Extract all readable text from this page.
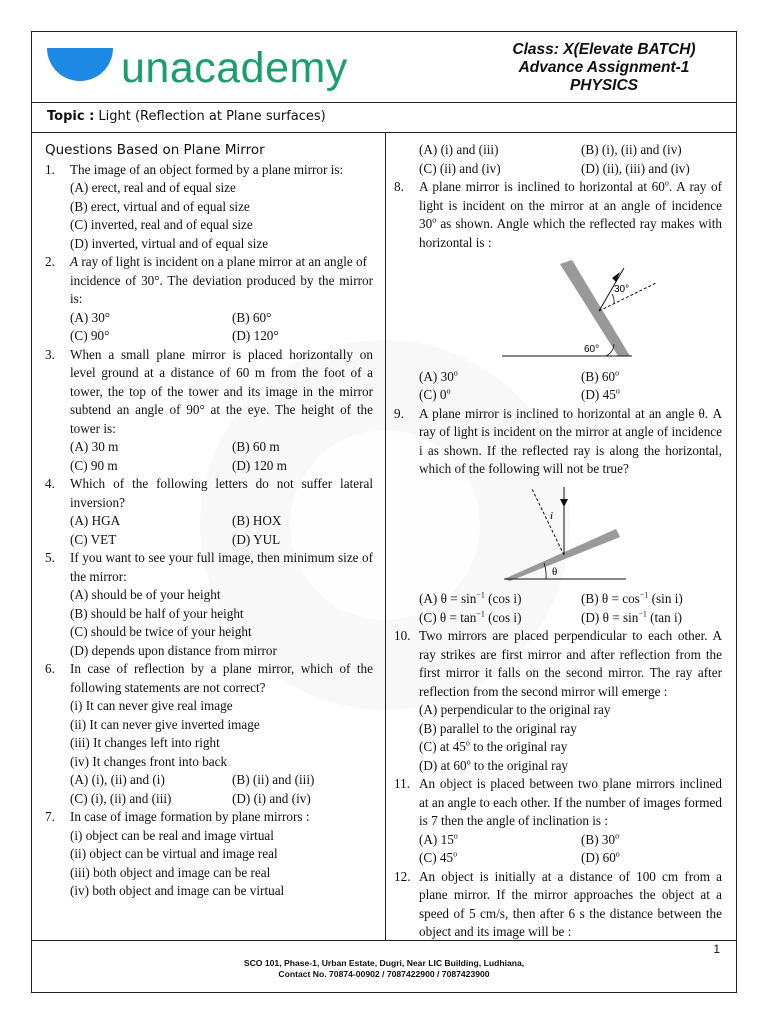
unacademy	Class: X(Elevate BATCH)
Advance Assignment-1
PHYSICS
Topic : Light (Reflection at Plane surfaces)
Questions Based on Plane Mirror
1. The image of an object formed by a plane mirror is:
(A) erect, real and of equal size
(B) erect, virtual and of equal size
(C) inverted, real and of equal size
(D) inverted, virtual and of equal size
2. A ray of light is incident on a plane mirror at an angle of
incidence of 30°. The deviation produced by the mirror is:
(A) 30°	(B) 60°
(C) 90°	(D) 120°
3. When a small plane mirror is placed horizontally on level ground at a distance of 60 m from the foot of a tower, the top of the tower and its image in the mirror subtend an angle of 90° at the eye. The height of the tower is:
(A) 30 m	(B) 60 m
(C) 90 m	(D) 120 m
4. Which of the following letters do not suffer lateral inversion?
(A) HGA	(B) HOX
(C) VET	(D) YUL
5. If you want to see your full image, then minimum size of the mirror:
(A) should be of your height
(B) should be half of your height
(C) should be twice of your height
(D) depends upon distance from mirror
6. In case of reflection by a plane mirror, which of the following statements are not correct?
(i) It can never give real image
(ii) It can never give inverted image
(iii) It changes left into right
(iv) It changes front into back
(A) (i), (ii) and (i)	(B) (ii) and (iii)
(C) (i), (ii) and (iii)	(D) (i) and (iv)
7. In case of image formation by plane mirrors :
(i) object can be real and image virtual
(ii) object can be virtual and image real
(iii) both object and image can be real
(iv) both object and image can be virtual
(A) (i) and (iii)	(B) (i), (ii) and (iv)
(C) (ii) and (iv)	(D) (ii), (iii) and (iv)
8. A plane mirror is inclined to horizontal at 60$^o$. A ray of light is incident on the mirror at an angle of incidence 30$^o$ as shown. Angle which the reflected ray makes with horizontal is :
30°
60°
(A) 30$^o$	(B) 60$^o$
(C) 0$^o$	(D) 45$^o$
9. A plane mirror is inclined to horizontal at an angle θ. A ray of light is incident on the mirror at angle of incidence i as shown. If the reflected ray is along the horizontal, which of the following will not be true?
i
θ
(A) $\theta = \sin^{-1} (\cos$ i)	(B) $\theta = \cos^{-1} (\sin$ i)
(C) $\theta = \tan^{-1} (\cos$ i)	(D) $\theta = \sin^{-1} (\tan$ i)
10. Two mirrors are placed perpendicular to each other. A ray strikes are first mirror and after reflection from the first mirror it falls on the second mirror. The ray after reflection from the second mirror will emerge :
(A) perpendicular to the original ray
(B) parallel to the original ray
(C) at 45$^o$ to the original ray
(D) at 60$^o$ to the original ray
11. An object is placed between two plane mirrors inclined at an angle to each other. If the number of images formed is 7 then the angle of inclination is :
(A) 15$^o$	(B) 30$^o$
(C) 45$^o$	(D) 60$^o$
12. An object is initially at a distance of 100 cm from a plane mirror. If the mirror approaches the object at a speed of 5 cm/s, then after 6 s the distance between the object and its image will be :
1
SCO 101, Phase-1, Urban Estate, Dugri, Near LIC Building, Ludhiana,
Contact No. 70874-00902 / 7087422900 / 7087423900
